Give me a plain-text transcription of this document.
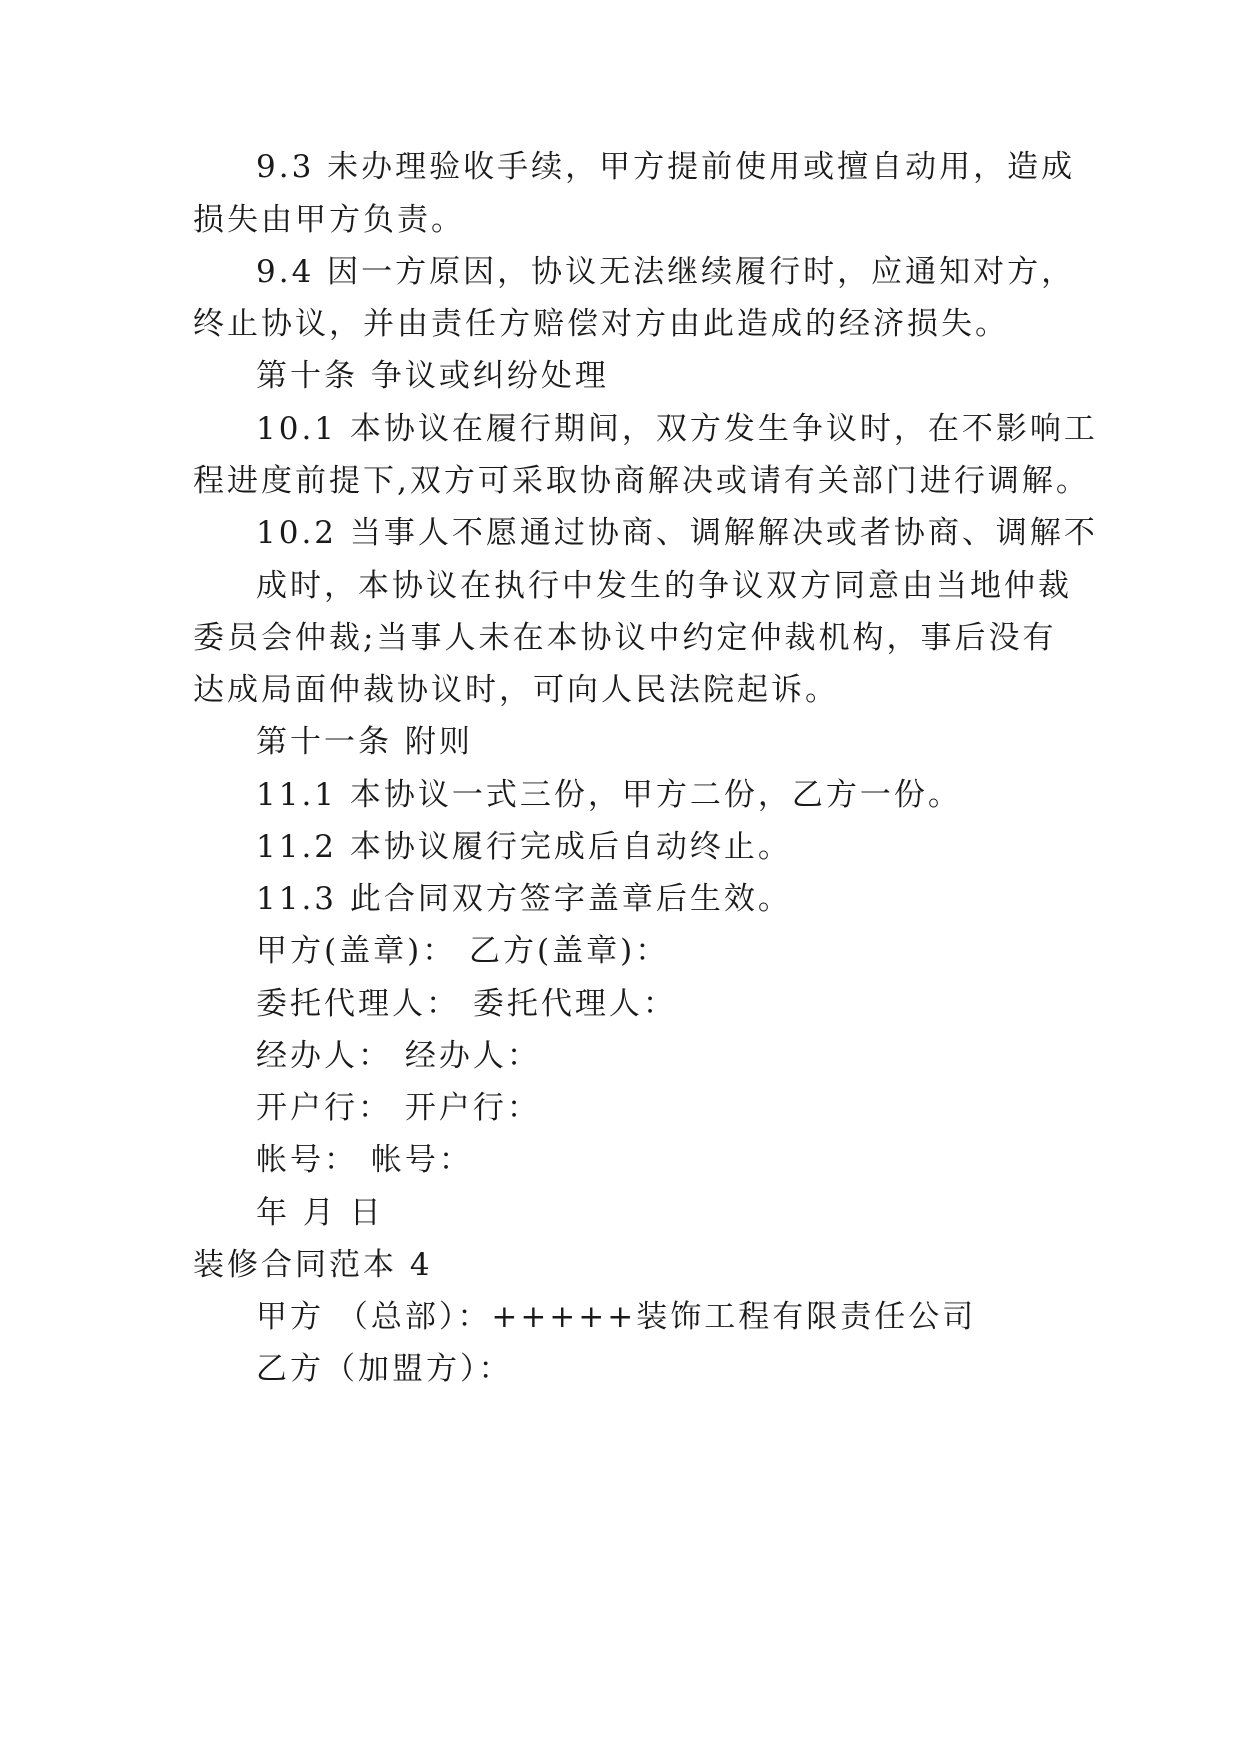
9.3 未办理验收手续，甲方提前使用或擅自动用，造成
损失由甲方负责。
9.4 因一方原因，协议无法继续履行时，应通知对方，
终止协议，并由责任方赔偿对方由此造成的经济损失。
第十条 争议或纠纷处理
10.1 本协议在履行期间，双方发生争议时，在不影响工
程进度前提下,双方可采取协商解决或请有关部门进行调解。
10.2 当事人不愿通过协商、调解解决或者协商、调解不
成时，本协议在执行中发生的争议双方同意由当地仲裁
委员会仲裁;当事人未在本协议中约定仲裁机构，事后没有
达成局面仲裁协议时，可向人民法院起诉。
第十一条 附则
11.1 本协议一式三份，甲方二份，乙方一份。
11.2 本协议履行完成后自动终止。
11.3 此合同双方签字盖章后生效。
甲方(盖章)： 乙方(盖章)：
委托代理人： 委托代理人：
经办人： 经办人：
开户行： 开户行：
帐号： 帐号：
年 月 日
装修合同范本 4
甲方 （总部）：+++++装饰工程有限责任公司
乙方（加盟方）：
